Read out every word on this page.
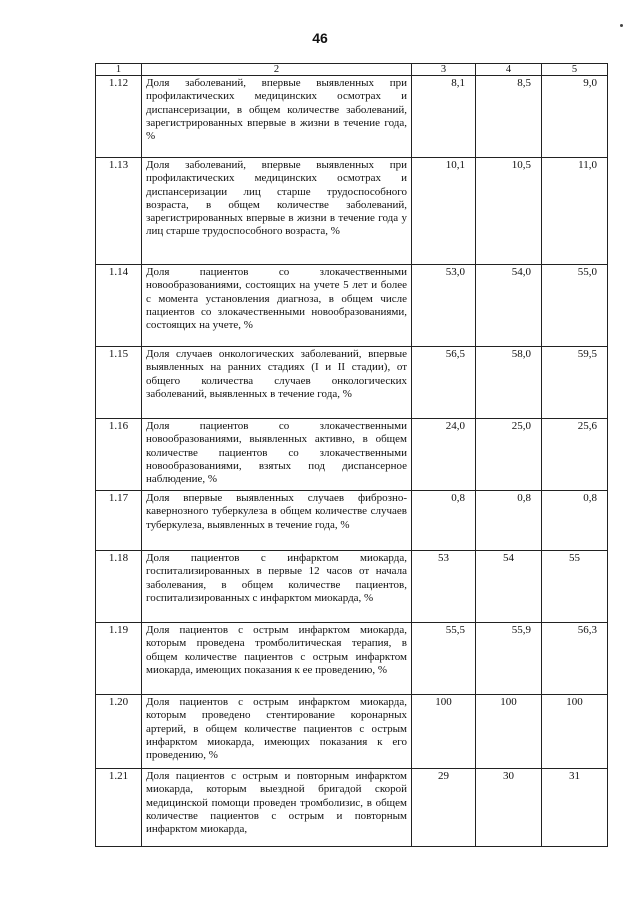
46
1	2	3	4	5
1.12	Доля заболеваний, впервые выявленных при профилактических медицинских осмотрах и диспансеризации, в общем количестве заболеваний, зарегистрированных впервые в жизни в течение года, %	8,1	8,5	9,0
1.13	Доля заболеваний, впервые выявленных при профилактических медицинских осмотрах и диспансеризации лиц старше трудоспособного возраста, в общем количестве заболеваний, зарегистрированных впервые в жизни в течение года у лиц старше трудоспособного возраста, %	10,1	10,5	11,0
1.14	Доля пациентов со злокачественными новообразованиями, состоящих на учете 5 лет и более с момента установления диагноза, в общем числе пациентов со злокачественными новообразованиями, состоящих на учете, %	53,0	54,0	55,0
1.15	Доля случаев онкологических заболеваний, впервые выявленных на ранних стадиях (I и II стадии), от общего количества случаев онкологических заболеваний, выявленных в течение года, %	56,5	58,0	59,5
1.16	Доля пациентов со злокачественными новообразованиями, выявленных активно, в общем количестве пациентов со злокачественными новообразованиями, взятых под диспансерное наблюдение, %	24,0	25,0	25,6
1.17	Доля впервые выявленных случаев фиброзно-кавернозного туберкулеза в общем количестве случаев туберкулеза, выявленных в течение года, %	0,8	0,8	0,8
1.18	Доля пациентов с инфарктом миокарда, госпитализированных в первые 12 часов от начала заболевания, в общем количестве пациентов, госпитализированных с инфарктом миокарда, %	53	54	55
1.19	Доля пациентов с острым инфарктом миокарда, которым проведена тромболитическая терапия, в общем количестве пациентов с острым инфарктом миокарда, имеющих показания к ее проведению, %	55,5	55,9	56,3
1.20	Доля пациентов с острым инфарктом миокарда, которым проведено стентирование коронарных артерий, в общем количестве пациентов с острым инфарктом миокарда, имеющих показания к его проведению, %	100	100	100
1.21	Доля пациентов с острым и повторным инфарктом миокарда, которым выездной бригадой скорой медицинской помощи проведен тромболизис, в общем количестве пациентов с острым и повторным инфарктом миокарда,	29	30	31
